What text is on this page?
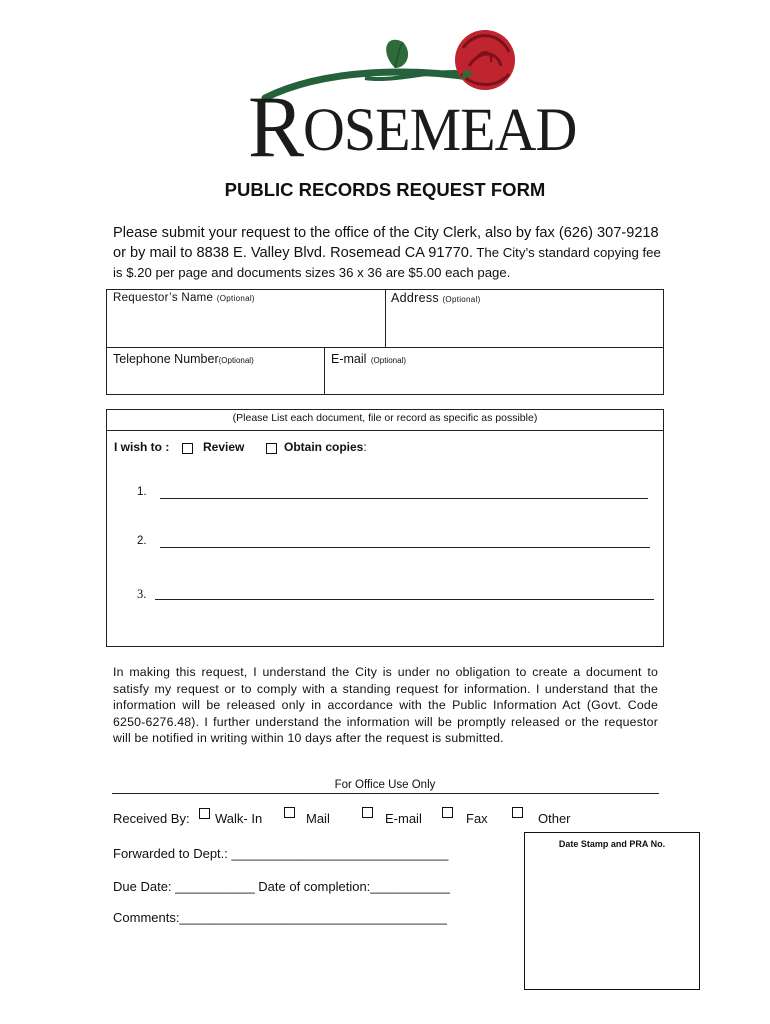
ROSEMEAD
PUBLIC RECORDS REQUEST FORM
Please submit your request to the office of the City Clerk, also by fax (626) 307-9218 or by mail to 8838 E. Valley Blvd. Rosemead CA 91770. The City’s standard copying fee is $.20 per page and documents sizes 36 x 36 are $5.00 each page.
Requestor’s Name (Optional)	Address (Optional)
Telephone Number(Optional)	E-mail (Optional)
(Please List each document, file or record as specific as possible)
I wish to :	Review	Obtain copies:
1.
2.
3.
In making this request, I understand the City is under no obligation to create a document to satisfy my request or to comply with a standing request for information. I understand that the information will be released only in accordance with the Public Information Act (Govt. Code 6250-6276.48). I further understand the information will be promptly released or the requestor will be notified in writing within 10 days after the request is submitted.
For Office Use Only
Received By: Walk- In	Mail	E-mail	Fax	Other
Forwarded to Dept.: ______________________________
Due Date: ___________ Date of completion:___________
Comments:_____________________________________
Date Stamp and PRA No.
